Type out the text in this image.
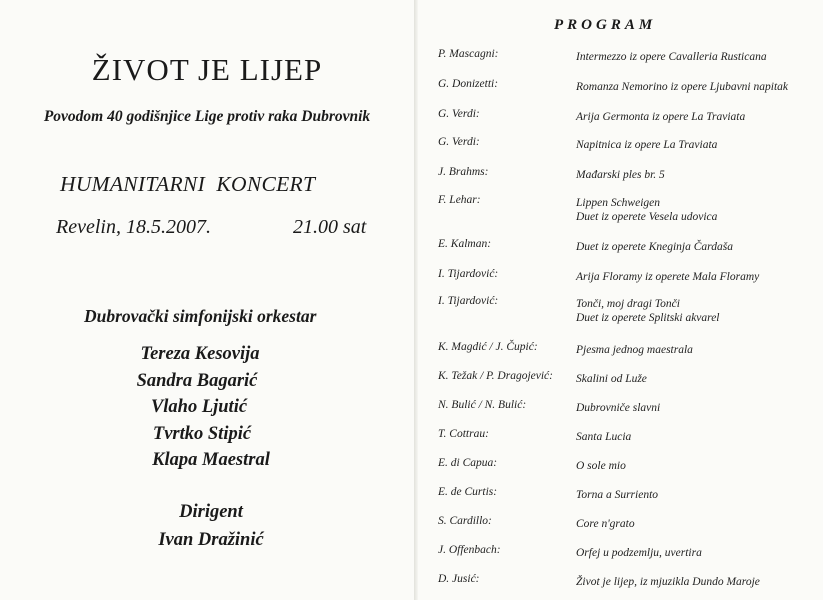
ŽIVOT JE LIJEP
Povodom 40 godišnjice Lige protiv raka Dubrovnik
HUMANITARNI  KONCERT
Revelin, 18.5.2007.	21.00 sat
Dubrovački simfonijski orkestar
Tereza Kesovija
Sandra Bagarić
Vlaho Ljutić
Tvrtko Stipić
Klapa Maestral
Dirigent
Ivan Dražinić
PROGRAM
P. Mascagni:	Intermezzo iz opere Cavalleria Rusticana
G. Donizetti:	Romanza Nemorino iz opere Ljubavni napitak
G. Verdi:	Arija Germonta iz opere La Traviata
G. Verdi:	Napitnica iz opere La Traviata
J. Brahms:	Mađarski ples br. 5
F. Lehar:	Lippen Schweigen
Duet iz operete Vesela udovica
E. Kalman:	Duet iz operete Kneginja Čardaša
I. Tijardović:	Arija Floramy iz operete Mala Floramy
I. Tijardović:	Tonči, moj dragi Tonči
Duet iz operete Splitski akvarel
K. Magdić / J. Čupić:	Pjesma jednog maestrala
K. Težak / P. Dragojević: Skalini od Luže
N. Bulić / N. Bulić:	Dubrovniče slavni
T. Cottrau:	Santa Lucia
E. di Capua:	O sole mio
E. de Curtis:	Torna a Surriento
S. Cardillo:	Core n'grato
J. Offenbach:	Orfej u podzemlju, uvertira
D. Jusić:	Život je lijep, iz mjuzikla Dundo Maroje
